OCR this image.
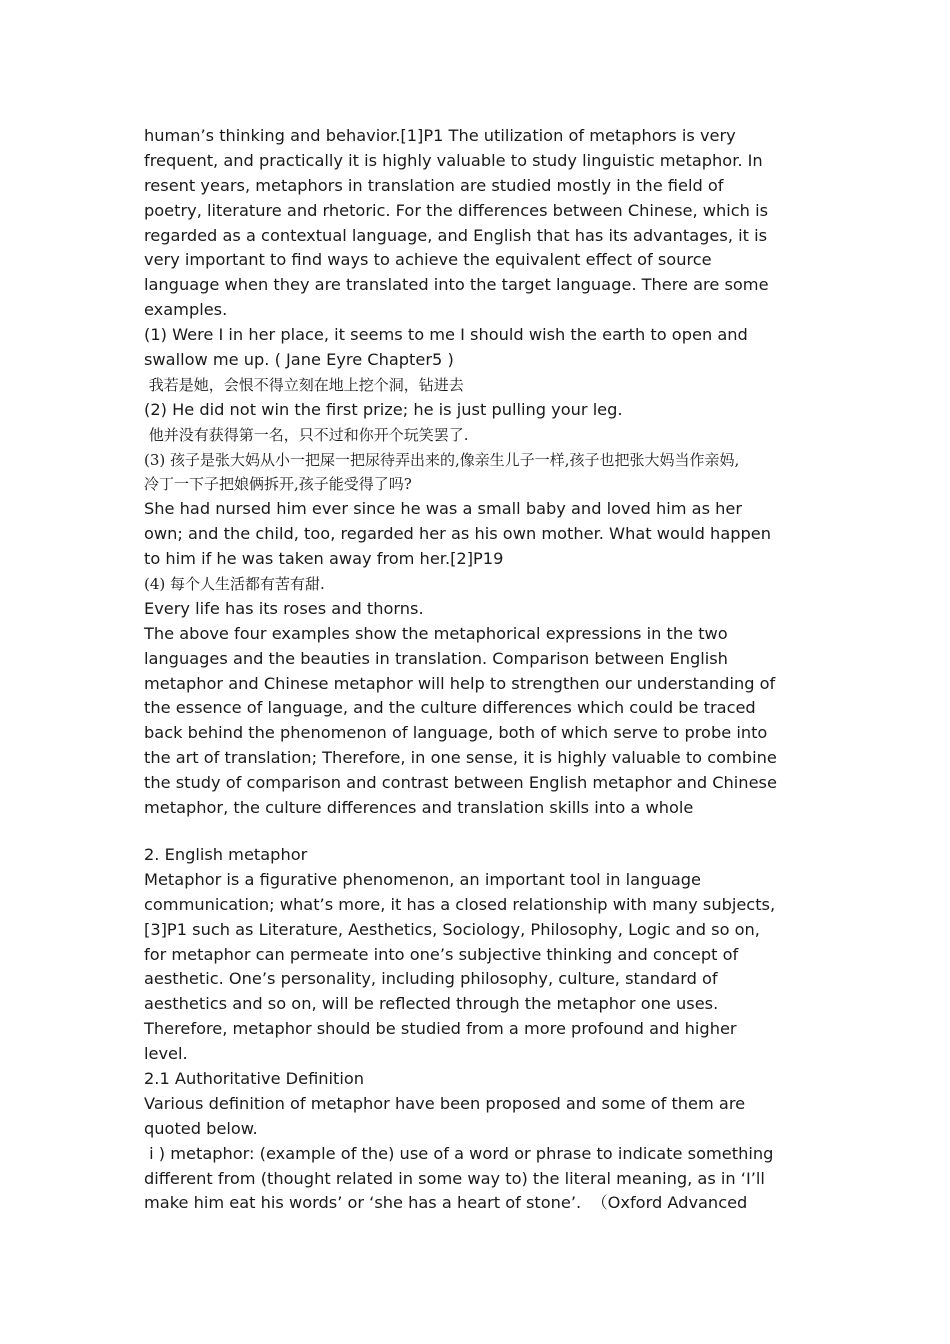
human’s thinking and behavior.[1]P1 The utilization of metaphors is very
frequent, and practically it is highly valuable to study linguistic metaphor. In
resent years, metaphors in translation are studied mostly in the field of
poetry, literature and rhetoric. For the differences between Chinese, which is
regarded as a contextual language, and English that has its advantages, it is
very important to find ways to achieve the equivalent effect of source
language when they are translated into the target language. There are some
examples.
(1) Were I in her place, it seems to me I should wish the earth to open and
swallow me up. ( Jane Eyre Chapter5 )
我若是她，会恨不得立刻在地上挖个洞，钻进去
(2) He did not win the first prize; he is just pulling your leg.
他并没有获得第一名，只不过和你开个玩笑罢了.
(3) 孩子是张大妈从小一把屎一把尿待弄出来的,像亲生儿子一样,孩子也把张大妈当作亲妈,
冷丁一下子把娘俩拆开,孩子能受得了吗?
She had nursed him ever since he was a small baby and loved him as her
own; and the child, too, regarded her as his own mother. What would happen
to him if he was taken away from her.[2]P19
(4) 每个人生活都有苦有甜.
Every life has its roses and thorns.
The above four examples show the metaphorical expressions in the two
languages and the beauties in translation. Comparison between English
metaphor and Chinese metaphor will help to strengthen our understanding of
the essence of language, and the culture differences which could be traced
back behind the phenomenon of language, both of which serve to probe into
the art of translation; Therefore, in one sense, it is highly valuable to combine
the study of comparison and contrast between English metaphor and Chinese
metaphor, the culture differences and translation skills into a whole
2. English metaphor
Metaphor is a figurative phenomenon, an important tool in language
communication; what’s more, it has a closed relationship with many subjects,
[3]P1 such as Literature, Aesthetics, Sociology, Philosophy, Logic and so on,
for metaphor can permeate into one’s subjective thinking and concept of
aesthetic. One’s personality, including philosophy, culture, standard of
aesthetics and so on, will be reflected through the metaphor one uses.
Therefore, metaphor should be studied from a more profound and higher
level.
2.1 Authoritative Definition
Various definition of metaphor have been proposed and some of them are
quoted below.
i ) metaphor: (example of the) use of a word or phrase to indicate something
different from (thought related in some way to) the literal meaning, as in ‘I’ll
make him eat his words’ or ‘she has a heart of stone’.  （Oxford Advanced
